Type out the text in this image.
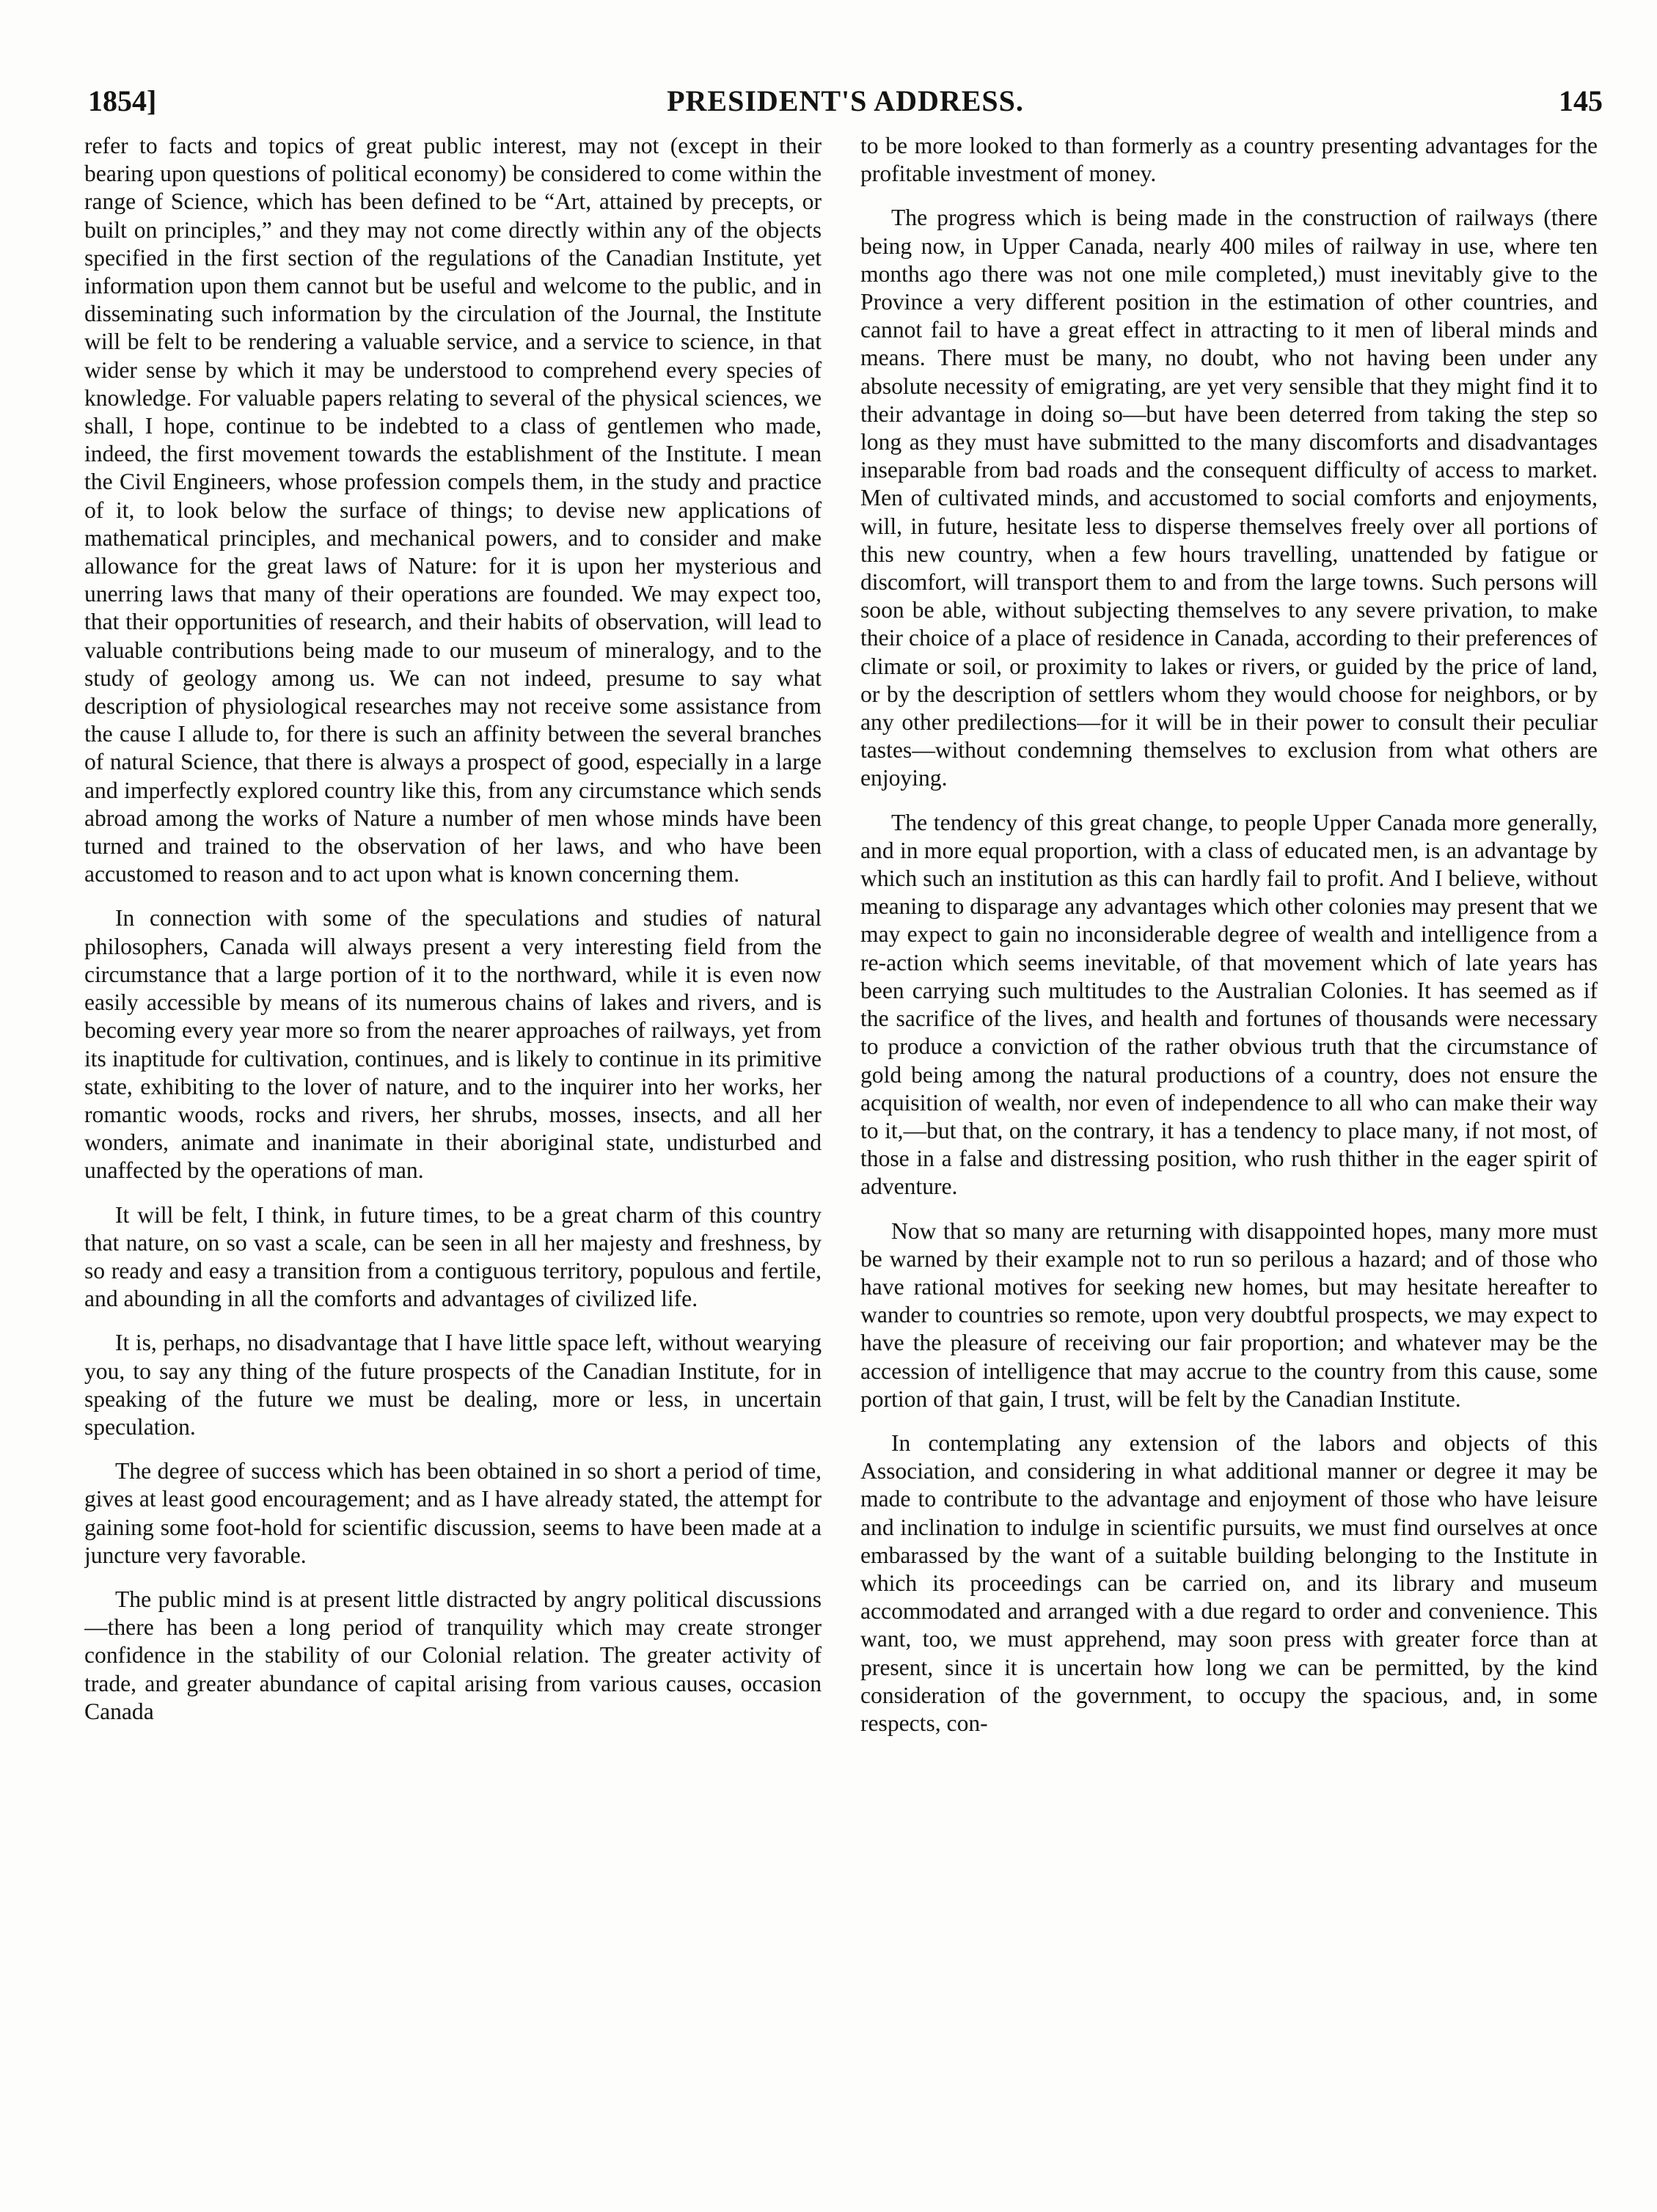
1854]	PRESIDENT'S ADDRESS.	145

refer to facts and topics of great public interest, may not (except in their bearing upon questions of political economy) be considered to come within the range of Science, which has been defined to be “Art, attained by precepts, or built on principles,” and they may not come directly within any of the objects specified in the first section of the regulations of the Canadian Institute, yet information upon them cannot but be useful and welcome to the public, and in disseminating such information by the circulation of the Journal, the Institute will be felt to be rendering a valuable service, and a service to science, in that wider sense by which it may be understood to comprehend every species of knowledge. For valuable papers relating to several of the physical sciences, we shall, I hope, continue to be indebted to a class of gentlemen who made, indeed, the first movement towards the establishment of the Institute. I mean the Civil Engineers, whose profession compels them, in the study and practice of it, to look below the surface of things; to devise new applications of mathematical principles, and mechanical powers, and to consider and make allowance for the great laws of Nature: for it is upon her mysterious and unerring laws that many of their operations are founded. We may expect too, that their opportunities of research, and their habits of observation, will lead to valuable contributions being made to our museum of mineralogy, and to the study of geology among us. We can not indeed, presume to say what description of physiological researches may not receive some assistance from the cause I allude to, for there is such an affinity between the several branches of natural Science, that there is always a prospect of good, especially in a large and imperfectly explored country like this, from any circumstance which sends abroad among the works of Nature a number of men whose minds have been turned and trained to the observation of her laws, and who have been accustomed to reason and to act upon what is known concerning them.

In connection with some of the speculations and studies of natural philosophers, Canada will always present a very interesting field from the circumstance that a large portion of it to the northward, while it is even now easily accessible by means of its numerous chains of lakes and rivers, and is becoming every year more so from the nearer approaches of railways, yet from its inaptitude for cultivation, continues, and is likely to continue in its primitive state, exhibiting to the lover of nature, and to the inquirer into her works, her romantic woods, rocks and rivers, her shrubs, mosses, insects, and all her wonders, animate and inanimate in their aboriginal state, undisturbed and unaffected by the operations of man.

It will be felt, I think, in future times, to be a great charm of this country that nature, on so vast a scale, can be seen in all her majesty and freshness, by so ready and easy a transition from a contiguous territory, populous and fertile, and abounding in all the comforts and advantages of civilized life.

It is, perhaps, no disadvantage that I have little space left, without wearying you, to say any thing of the future prospects of the Canadian Institute, for in speaking of the future we must be dealing, more or less, in uncertain speculation.

The degree of success which has been obtained in so short a period of time, gives at least good encouragement; and as I have already stated, the attempt for gaining some foot-hold for scientific discussion, seems to have been made at a juncture very favorable.

The public mind is at present little distracted by angry political discussions—there has been a long period of tranquility which may create stronger confidence in the stability of our Colonial relation. The greater activity of trade, and greater abundance of capital arising from various causes, occasion Canada

to be more looked to than formerly as a country presenting advantages for the profitable investment of money.

The progress which is being made in the construction of railways (there being now, in Upper Canada, nearly 400 miles of railway in use, where ten months ago there was not one mile completed,) must inevitably give to the Province a very different position in the estimation of other countries, and cannot fail to have a great effect in attracting to it men of liberal minds and means. There must be many, no doubt, who not having been under any absolute necessity of emigrating, are yet very sensible that they might find it to their advantage in doing so—but have been deterred from taking the step so long as they must have submitted to the many discomforts and disadvantages inseparable from bad roads and the consequent difficulty of access to market. Men of cultivated minds, and accustomed to social comforts and enjoyments, will, in future, hesitate less to disperse themselves freely over all portions of this new country, when a few hours travelling, unattended by fatigue or discomfort, will transport them to and from the large towns. Such persons will soon be able, without subjecting themselves to any severe privation, to make their choice of a place of residence in Canada, according to their preferences of climate or soil, or proximity to lakes or rivers, or guided by the price of land, or by the description of settlers whom they would choose for neighbors, or by any other predilections—for it will be in their power to consult their peculiar tastes—without condemning themselves to exclusion from what others are enjoying.

The tendency of this great change, to people Upper Canada more generally, and in more equal proportion, with a class of educated men, is an advantage by which such an institution as this can hardly fail to profit. And I believe, without meaning to disparage any advantages which other colonies may present that we may expect to gain no inconsiderable degree of wealth and intelligence from a re-action which seems inevitable, of that movement which of late years has been carrying such multitudes to the Australian Colonies. It has seemed as if the sacrifice of the lives, and health and fortunes of thousands were necessary to produce a conviction of the rather obvious truth that the circumstance of gold being among the natural productions of a country, does not ensure the acquisition of wealth, nor even of independence to all who can make their way to it,—but that, on the contrary, it has a tendency to place many, if not most, of those in a false and distressing position, who rush thither in the eager spirit of adventure.

Now that so many are returning with disappointed hopes, many more must be warned by their example not to run so perilous a hazard; and of those who have rational motives for seeking new homes, but may hesitate hereafter to wander to countries so remote, upon very doubtful prospects, we may expect to have the pleasure of receiving our fair proportion; and whatever may be the accession of intelligence that may accrue to the country from this cause, some portion of that gain, I trust, will be felt by the Canadian Institute.

In contemplating any extension of the labors and objects of this Association, and considering in what additional manner or degree it may be made to contribute to the advantage and enjoyment of those who have leisure and inclination to indulge in scientific pursuits, we must find ourselves at once embarassed by the want of a suitable building belonging to the Institute in which its proceedings can be carried on, and its library and museum accommodated and arranged with a due regard to order and convenience. This want, too, we must apprehend, may soon press with greater force than at present, since it is uncertain how long we can be permitted, by the kind consideration of the government, to occupy the spacious, and, in some respects, con-
